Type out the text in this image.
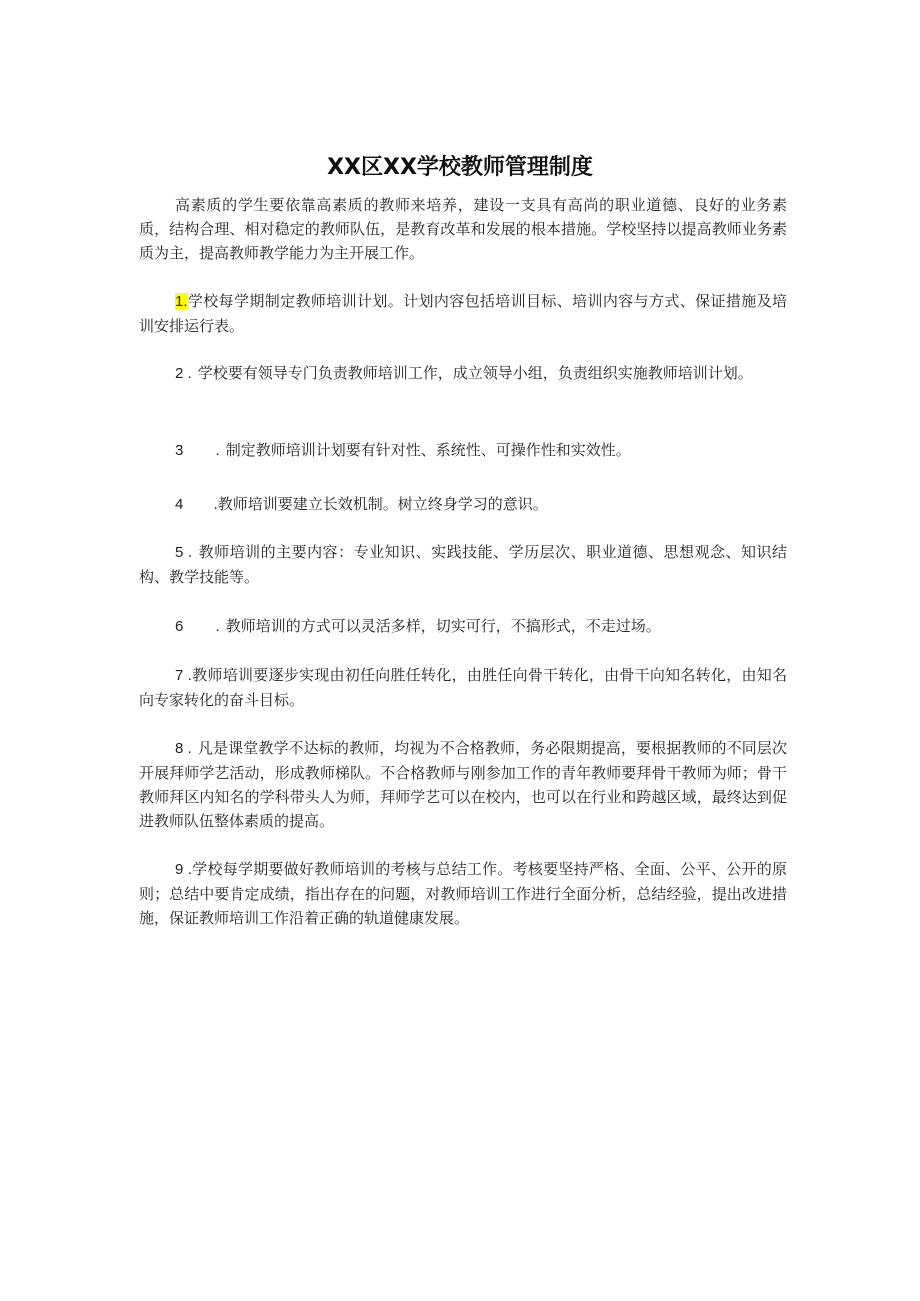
XX区XX学校教师管理制度

高素质的学生要依靠高素质的教师来培养，建设一支具有高尚的职业道德、良好的业务素质，结构合理、相对稳定的教师队伍，是教育改革和发展的根本措施。学校坚持以提高教师业务素质为主，提高教师教学能力为主开展工作。

1.学校每学期制定教师培训计划。计划内容包括培训目标、培训内容与方式、保证措施及培训安排运行表。

2 . 学校要有领导专门负责教师培训工作，成立领导小组，负责组织实施教师培训计划。

3 . 制定教师培训计划要有针对性、系统性、可操作性和实效性。

4 .教师培训要建立长效机制。树立终身学习的意识。

5 . 教师培训的主要内容：专业知识、实践技能、学历层次、职业道德、思想观念、知识结构、教学技能等。

6 . 教师培训的方式可以灵活多样，切实可行，不搞形式，不走过场。

7 .教师培训要逐步实现由初任向胜任转化，由胜任向骨干转化，由骨干向知名转化，由知名向专家转化的奋斗目标。

8 . 凡是课堂教学不达标的教师，均视为不合格教师，务必限期提高，要根据教师的不同层次开展拜师学艺活动，形成教师梯队。不合格教师与刚参加工作的青年教师要拜骨干教师为师；骨干教师拜区内知名的学科带头人为师，拜师学艺可以在校内，也可以在行业和跨越区域，最终达到促进教师队伍整体素质的提高。

9 .学校每学期要做好教师培训的考核与总结工作。考核要坚持严格、全面、公平、公开的原则；总结中要肯定成绩，指出存在的问题，对教师培训工作进行全面分析，总结经验，提出改进措施，保证教师培训工作沿着正确的轨道健康发展。
